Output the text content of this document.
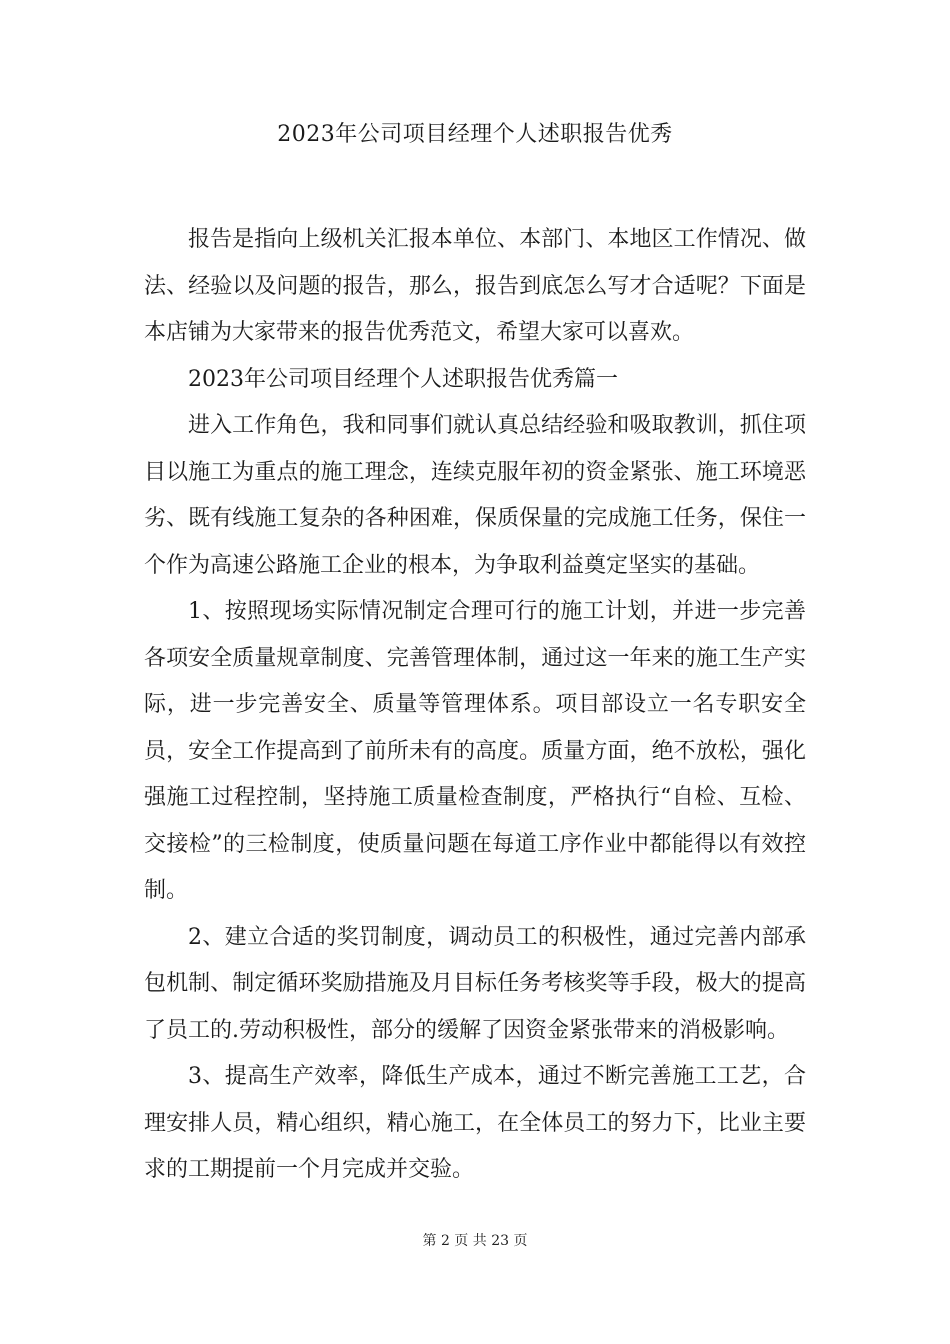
2023年公司项目经理个人述职报告优秀

报告是指向上级机关汇报本单位、本部门、本地区工作情况、做法、经验以及问题的报告，那么，报告到底怎么写才合适呢？下面是本店铺为大家带来的报告优秀范文，希望大家可以喜欢。

2023年公司项目经理个人述职报告优秀篇一

进入工作角色，我和同事们就认真总结经验和吸取教训，抓住项目以施工为重点的施工理念，连续克服年初的资金紧张、施工环境恶劣、既有线施工复杂的各种困难，保质保量的完成施工任务，保住一个作为高速公路施工企业的根本，为争取利益奠定坚实的基础。

1、按照现场实际情况制定合理可行的施工计划，并进一步完善各项安全质量规章制度、完善管理体制，通过这一年来的施工生产实际，进一步完善安全、质量等管理体系。项目部设立一名专职安全员，安全工作提高到了前所未有的高度。质量方面，绝不放松，强化强施工过程控制，坚持施工质量检查制度，严格执行“自检、互检、交接检”的三检制度，使质量问题在每道工序作业中都能得以有效控制。

2、建立合适的奖罚制度，调动员工的积极性，通过完善内部承包机制、制定循环奖励措施及月目标任务考核奖等手段，极大的提高了员工的.劳动积极性，部分的缓解了因资金紧张带来的消极影响。

3、提高生产效率，降低生产成本，通过不断完善施工工艺，合理安排人员，精心组织，精心施工，在全体员工的努力下，比业主要求的工期提前一个月完成并交验。

第 2 页 共 23 页
